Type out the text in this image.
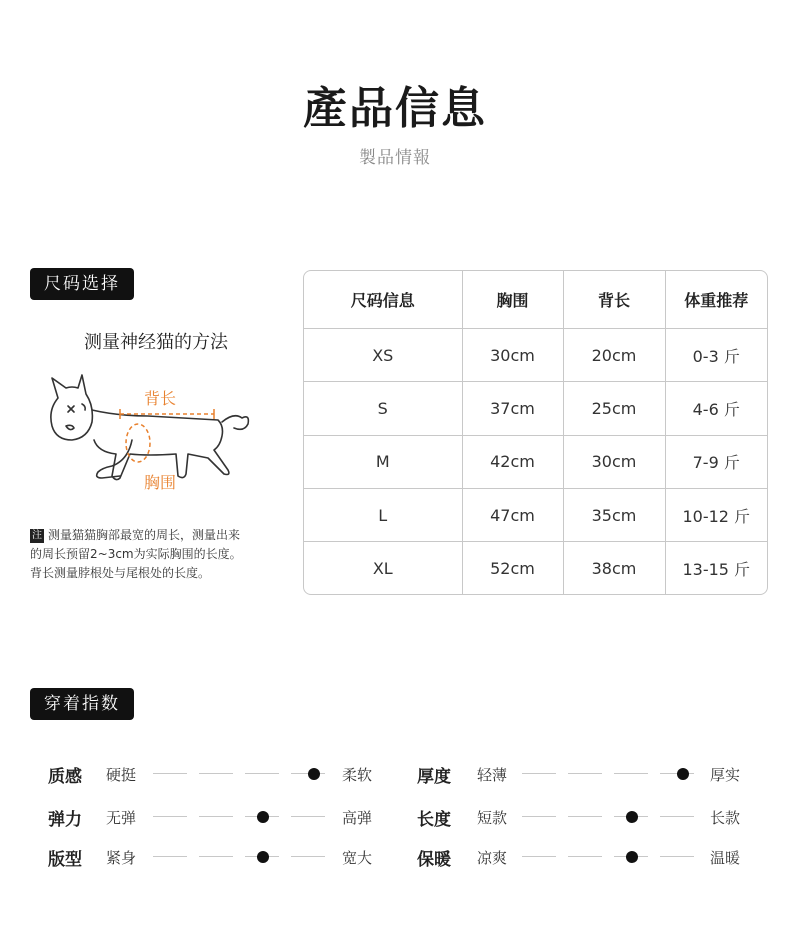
產品信息
製品情報
尺码选择
测量神经猫的方法
背长
胸围
注 测量猫猫胸部最宽的周长，测量出来
的周长预留2~3cm为实际胸围的长度。
背长测量脖根处与尾根处的长度。
尺码信息	胸围	背长	体重推荐
XS	30cm	20cm	0-3 斤
S	37cm	25cm	4-6 斤
M	42cm	30cm	7-9 斤
L	47cm	35cm	10-12 斤
XL	52cm	38cm	13-15 斤
穿着指数
质感 硬挺	柔软
弹力 无弹	高弹
版型 紧身	宽大
厚度 轻薄	厚实
长度 短款	长款
保暖 凉爽	温暖
